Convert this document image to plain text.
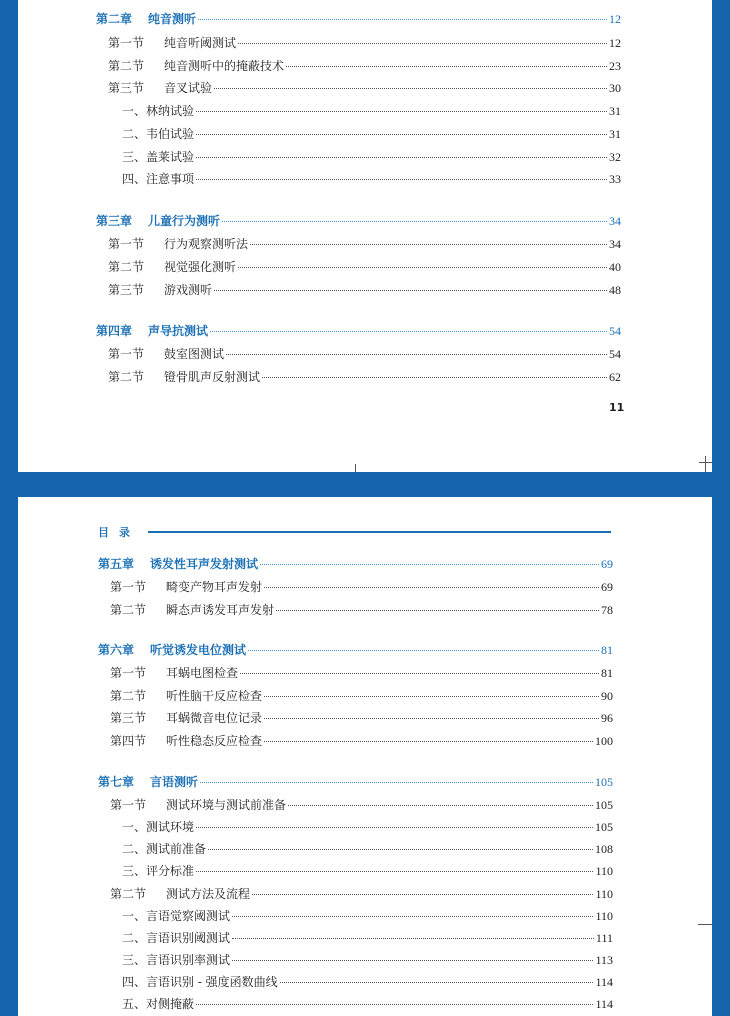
第二章 纯音测听	12
第一节 纯音听阈测试	12
第二节 纯音测听中的掩蔽技术	23
第三节 音叉试验	30
一、林纳试验	31
二、韦伯试验	31
三、盖莱试验	32
四、注意事项	33
第三章 儿童行为测听	34
第一节 行为观察测听法	34
第二节 视觉强化测听	40
第三节 游戏测听	48
第四章 声导抗测试	54
第一节 鼓室图测试	54
第二节 镫骨肌声反射测试	62
11
目录
第五章 诱发性耳声发射测试	69
第一节 畸变产物耳声发射	69
第二节 瞬态声诱发耳声发射	78
第六章 听觉诱发电位测试	81
第一节 耳蜗电图检查	81
第二节 听性脑干反应检查	90
第三节 耳蜗微音电位记录	96
第四节 听性稳态反应检查	100
第七章 言语测听	105
第一节 测试环境与测试前准备	105
一、测试环境	105
二、测试前准备	108
三、评分标准	110
第二节 测试方法及流程	110
一、言语觉察阈测试	110
二、言语识别阈测试	111
三、言语识别率测试	113
四、言语识别 - 强度函数曲线	114
五、对侧掩蔽	114
